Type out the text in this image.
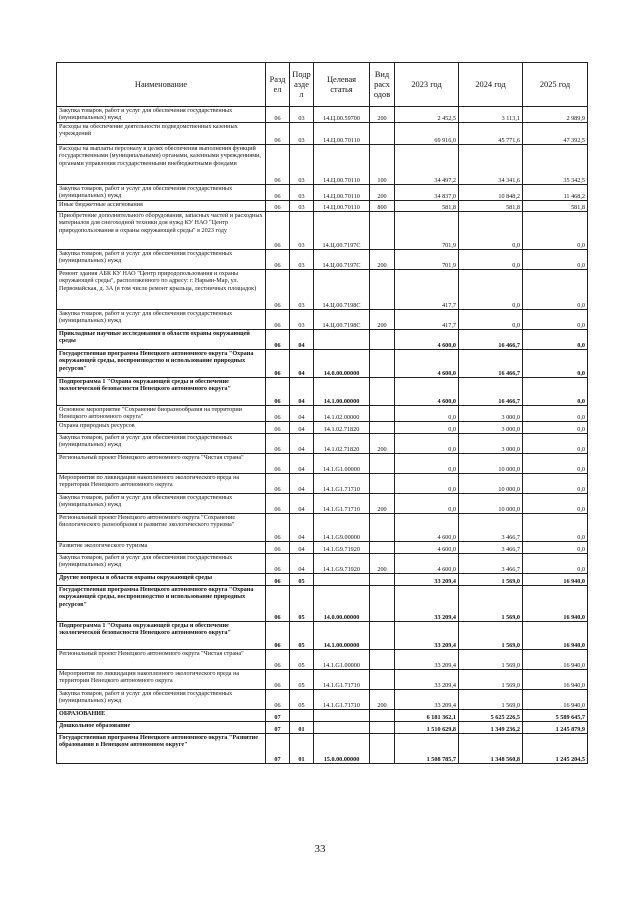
Наименование	Разд ел	Подр азде л	Целевая статья	Вид расх одов	2023 год	2024 год	2025 год
Закупка товаров, работ и услуг для обеспечения государственных (муниципальных) нужд	06	03	14.Ц.00.59700	200	2 452,5	3 113,1	2 989,9
Расходы на обеспечение деятельности подведомственных казенных учреждений	06	03	14.Ц.00.70110		69 916,0	45 771,6	47 392,5
Расходы на выплаты персоналу в целях обеспечения выполнения функций государственными (муниципальными) органами, казенными учреждениями, органами управления государственными внебюджетными фондами	06	03	14.Ц.00.70110	100	34 497,2	34 341,6	35 342,5
Закупка товаров, работ и услуг для обеспечения государственных (муниципальных) нужд	06	03	14.Ц.00.70110	200	34 837,0	10 848,2	11 468,2
Иные бюджетные ассигнования	06	03	14.Ц.00.70110	800	581,8	581,8	581,8
Приобретение дополнительного оборудования, запасных частей и расходных материалов для снегоходной техники для нужд КУ НАО "Центр природопользования и охраны окружающей среды" в 2023 году	06	03	14.Ц.00.7197С		701,9	0,0	0,0
Закупка товаров, работ и услуг для обеспечения государственных (муниципальных) нужд	06	03	14.Ц.00.7197С	200	701,9	0,0	0,0
Ремонт здания АБК КУ НАО "Центр природопользования и охраны окружающей среды", расположенного по адресу: г. Нарьян-Мар, ул. Первомайская, д. 3А (в том числе ремонт крыльца, лестничных площадок)	06	03	14.Ц.00.7198С		417,7	0,0	0,0
Закупка товаров, работ и услуг для обеспечения государственных (муниципальных) нужд	06	03	14.Ц.00.7198С	200	417,7	0,0	0,0
Прикладные научные исследования в области охраны окружающей среды	06	04			4 600,0	16 466,7	0,0
Государственная программа Ненецкого автономного округа "Охрана окружающей среды, воспроизводство и использование природных ресурсов"	06	04	14.0.00.00000		4 600,0	16 466,7	0,0
Подпрограмма 1 "Охрана окружающей среды и обеспечение экологической безопасности Ненецкого автономного округа"	06	04	14.1.00.00000		4 600,0	16 466,7	0,0
Основное мероприятие "Сохранение биоразнообразия на территории Ненецкого автономного округа"	06	04	14.1.02.00000		0,0	3 000,0	0,0
Охрана природных ресурсов	06	04	14.1.02.71820		0,0	3 000,0	0,0
Закупка товаров, работ и услуг для обеспечения государственных (муниципальных) нужд	06	04	14.1.02.71820	200	0,0	3 000,0	0,0
Региональный проект Ненецкого автономного округа "Чистая страна"	06	04	14.1.G1.00000		0,0	10 000,0	0,0
Мероприятия по ликвидации накопленного экологического вреда на территории Ненецкого автономного округа	06	04	14.1.G1.71710		0,0	10 000,0	0,0
Закупка товаров, работ и услуг для обеспечения государственных (муниципальных) нужд	06	04	14.1.G1.71710	200	0,0	10 000,0	0,0
Региональный проект Ненецкого автономного округа "Сохранение биологического разнообразия и развитие экологического туризма"	06	04	14.1.G9.00000		4 600,0	3 466,7	0,0
Развитие экологического туризма	06	04	14.1.G9.71920		4 600,0	3 466,7	0,0
Закупка товаров, работ и услуг для обеспечения государственных (муниципальных) нужд	06	04	14.1.G9.71920	200	4 600,0	3 466,7	0,0
Другие вопросы в области охраны окружающей среды	06	05			33 209,4	1 569,0	16 940,0
Государственная программа Ненецкого автономного округа "Охрана окружающей среды, воспроизводство и использование природных ресурсов"	06	05	14.0.00.00000		33 209,4	1 569,0	16 940,0
Подпрограмма 1 "Охрана окружающей среды и обеспечение экологической безопасности Ненецкого автономного округа"	06	05	14.1.00.00000		33 209,4	1 569,0	16 940,0
Региональный проект Ненецкого автономного округа "Чистая страна"	06	05	14.1.G1.00000		33 209,4	1 569,0	16 940,0
Мероприятия по ликвидации накопленного экологического вреда на территории Ненецкого автономного округа	06	05	14.1.G1.71710		33 209,4	1 569,0	16 940,0
Закупка товаров, работ и услуг для обеспечения государственных (муниципальных) нужд	06	05	14.1.G1.71710	200	33 209,4	1 569,0	16 940,0
ОБРАЗОВАНИЕ	07				6 181 362,1	5 625 226,5	5 589 645,7
Дошкольное образование	07	01			1 510 629,8	1 349 236,2	1 245 879,9
Государственная программа Ненецкого автономного округа "Развитие образования в Ненецком автономном округе"	07	01	15.0.00.00000		1 508 785,7	1 348 560,8	1 245 204,5
33
